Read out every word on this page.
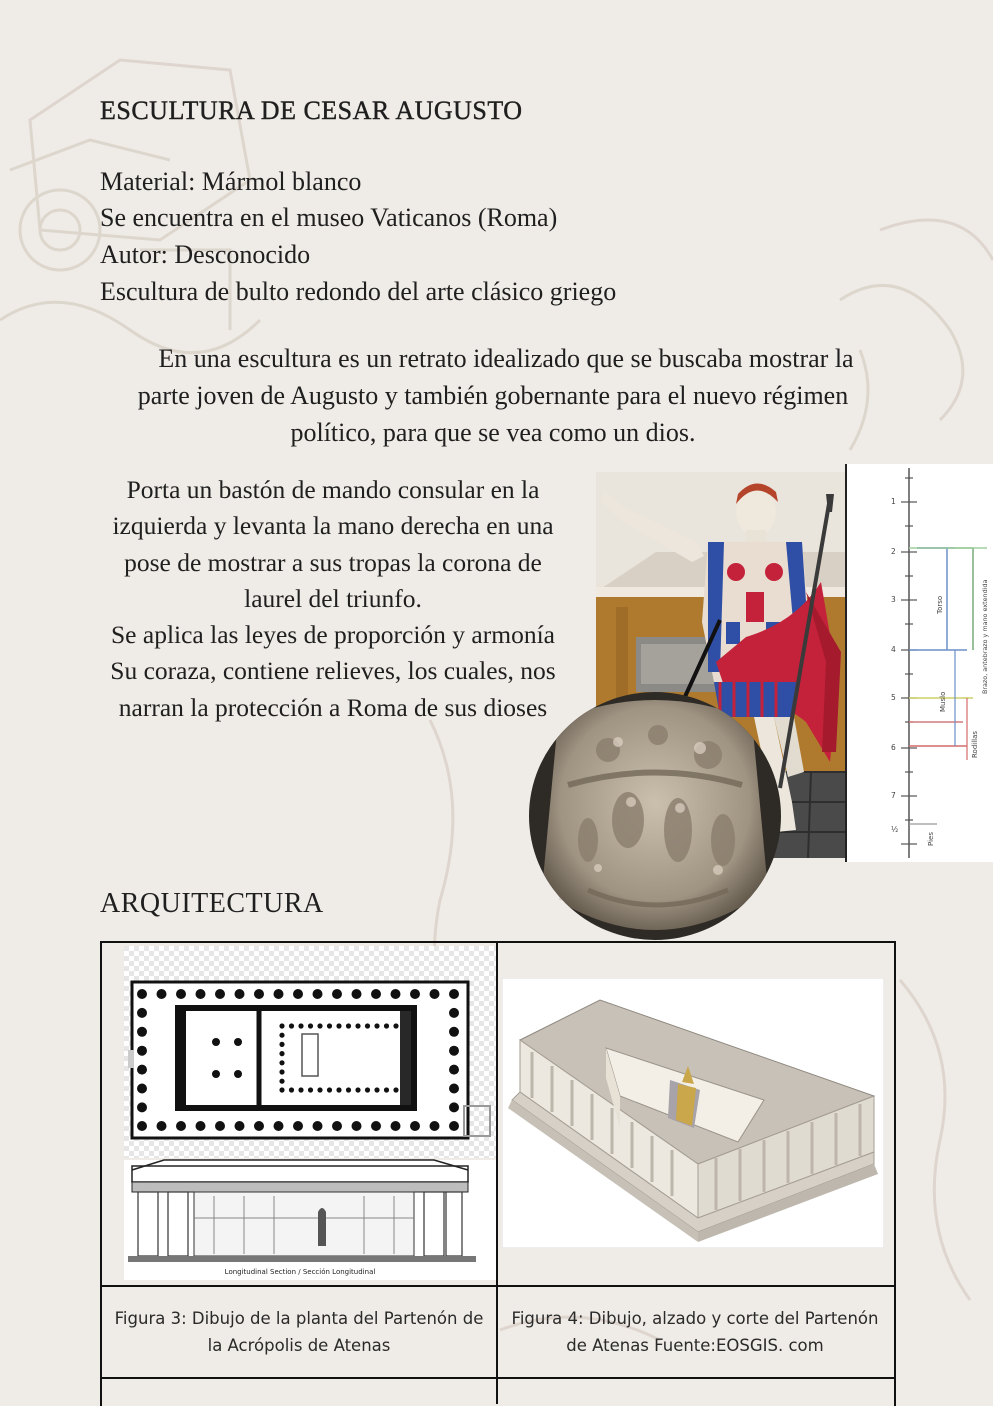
ESCULTURA DE CESAR AUGUSTO
Material: Mármol blanco
Se encuentra en el museo Vaticanos (Roma)
Autor: Desconocido
Escultura de bulto redondo del arte clásico griego
En una escultura es un retrato idealizado que se buscaba mostrar la
parte joven de Augusto y también gobernante para el nuevo régimen
político, para que se vea como un dios.
Porta un bastón de mando consular en la
izquierda y levanta la mano derecha en una
pose de mostrar a sus tropas la corona de
laurel del triunfo.
Se aplica las leyes de proporción y armonía
Su coraza, contiene relieves, los cuales, nos
narran la protección a Roma de sus dioses
1
2
3
4
5
6
7
½
Torso
Muslo
Rodillas
Pies
Brazo, antebrazo y mano extendida
ARQUITECTURA
Longitudinal Section / Sección Longitudinal
Figura 3: Dibujo de la planta del Partenón de
la Acrópolis de Atenas
Figura 4: Dibujo, alzado y corte del Partenón
de Atenas Fuente:EOSGIS. com
